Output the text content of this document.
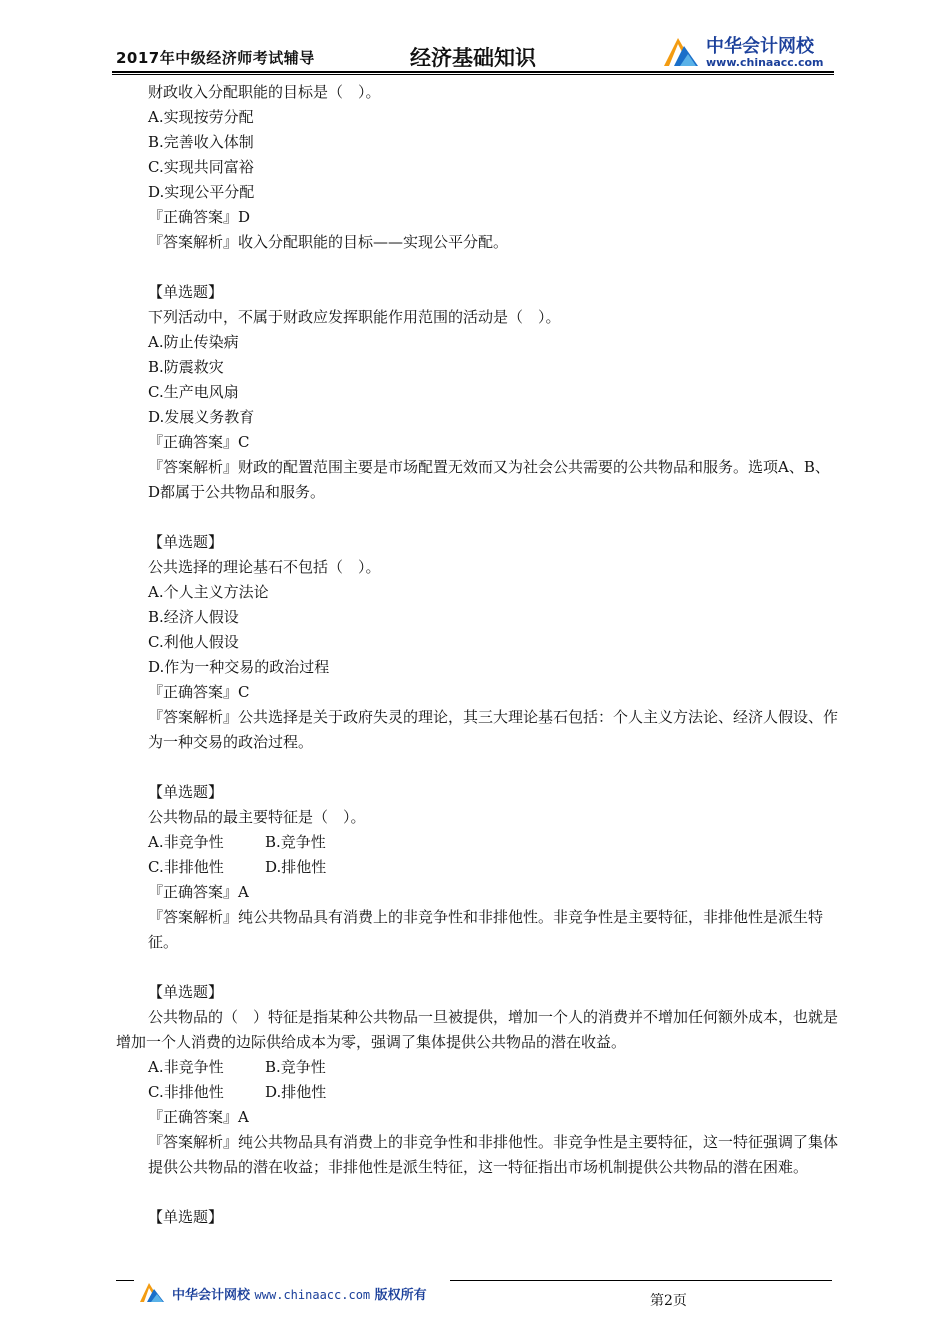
2017年中级经济师考试辅导	经济基础知识	中华会计网校
www.chinaacc.com
财政收入分配职能的目标是（　）。
A.实现按劳分配
B.完善收入体制
C.实现共同富裕
D.实现公平分配
『正确答案』D
『答案解析』收入分配职能的目标——实现公平分配。
【单选题】
下列活动中，不属于财政应发挥职能作用范围的活动是（　）。
A.防止传染病
B.防震救灾
C.生产电风扇
D.发展义务教育
『正确答案』C
『答案解析』财政的配置范围主要是市场配置无效而又为社会公共需要的公共物品和服务。选项A、B、D都属于公共物品和服务。
【单选题】
公共选择的理论基石不包括（　）。
A.个人主义方法论
B.经济人假设
C.利他人假设
D.作为一种交易的政治过程
『正确答案』C
『答案解析』公共选择是关于政府失灵的理论，其三大理论基石包括：个人主义方法论、经济人假设、作为一种交易的政治过程。
【单选题】
公共物品的最主要特征是（　）。
A.非竞争性	B.竞争性
C.非排他性	D.排他性
『正确答案』A
『答案解析』纯公共物品具有消费上的非竞争性和非排他性。非竞争性是主要特征，非排他性是派生特征。
【单选题】
公共物品的（　）特征是指某种公共物品一旦被提供，增加一个人的消费并不增加任何额外成本，也就是增加一个人消费的边际供给成本为零，强调了集体提供公共物品的潜在收益。
A.非竞争性	B.竞争性
C.非排他性	D.排他性
『正确答案』A
『答案解析』纯公共物品具有消费上的非竞争性和非排他性。非竞争性是主要特征，这一特征强调了集体提供公共物品的潜在收益；非排他性是派生特征，这一特征指出市场机制提供公共物品的潜在困难。
【单选题】
中华会计网校 www.chinaacc.com 版权所有	第2页
